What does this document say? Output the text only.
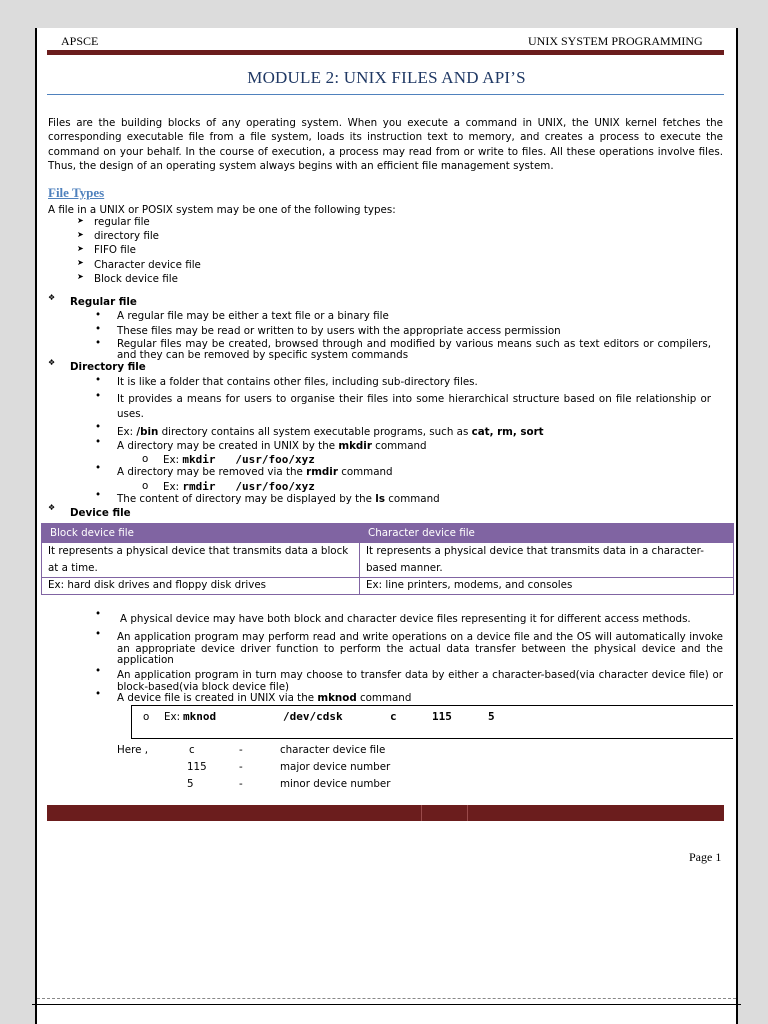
APSCE	UNIX SYSTEM PROGRAMMING
MODULE 2: UNIX FILES AND API’S
Files are the building blocks of any operating system. When you execute a command in UNIX, the UNIX kernel fetches the corresponding executable file from a file system, loads its instruction text to memory, and creates a process to execute the command on your behalf. In the course of execution, a process may read from or write to files. All these operations involve files. Thus, the design of an operating system always begins with an efficient file management system.
File Types
A file in a UNIX or POSIX system may be one of the following types:
➤ regular file
➤ directory file
➤ FIFO file
➤ Character device file
➤ Block device file
❖ Regular file
• A regular file may be either a text file or a binary file
• These files may be read or written to by users with the appropriate access permission
• Regular files may be created, browsed through and modified by various means such as text editors or compilers, and they can be removed by specific system commands
❖ Directory file
• It is like a folder that contains other files, including sub-directory files.
• It provides a means for users to organise their files into some hierarchical structure based on file relationship or uses.
• Ex: /bin directory contains all system executable programs, such as cat, rm, sort
• A directory may be created in UNIX by the mkdir command
o Ex: mkdir   /usr/foo/xyz
• A directory may be removed via the rmdir command
o Ex: rmdir   /usr/foo/xyz
• The content of directory may be displayed by the ls command
❖ Device file
Block device file	Character device file
It represents a physical device that transmits data a block at a time.	It represents a physical device that transmits data in a character-based manner.
Ex: hard disk drives and floppy disk drives	Ex: line printers, modems, and consoles
• A physical device may have both block and character device files representing it for different access methods.
• An application program may perform read and write operations on a device file and the OS will automatically invoke an appropriate device driver function to perform the actual data transfer between the physical device and the application
• An application program in turn may choose to transfer data by either a character-based(via character device file) or block-based(via block device file)
• A device file is created in UNIX via the mknod command
o Ex: mknod	/dev/cdsk	c	115	5
Here ,	c	-	character device file
115	-	major device number
5	-	minor device number
Page 1
